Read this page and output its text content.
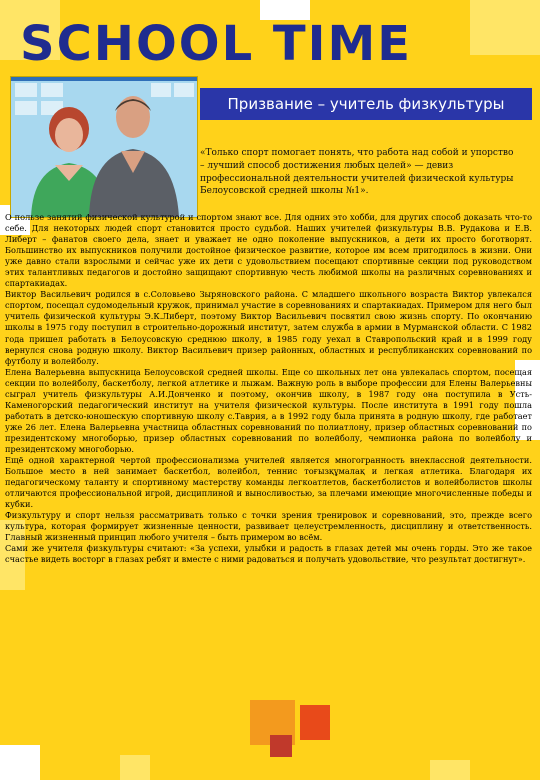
SCHOOL TIME
Призвание – учитель физкультуры

«Только спорт помогает понять, что работа над собой и упорство – лучший способ достижения любых целей» — девиз профессиональной деятельности учителей физической культуры Белоусовской средней школы №1».

О пользе занятий физической культурой и спортом знают все. Для одних это хобби, для других способ доказать что-то себе. Для некоторых людей спорт становится просто судьбой. Наших учителей физкультуры В.В. Рудакова и Е.В. Либерт – фанатов своего дела, знает и уважает не одно поколение выпускников, а дети их просто боготворят. Большинство их выпускников получили достойное физическое развитие, которое им всем пригодилось в жизни. Они уже давно стали взрослыми и сейчас уже их дети с удовольствием посещают спортивные секции под руководством этих талантливых педагогов и достойно защищают спортивную честь любимой школы на различных соревнованиях и спартакиадах.

Виктор Васильевич родился в с.Соловьево Зыряновского района. С младшего школьного возраста Виктор увлекался спортом, посещал судомодельный кружок, принимал участие в соревнованиях и спартакиадах. Примером для него был учитель физической культуры Э.К.Либерт, поэтому Виктор Васильевич посвятил свою жизнь спорту. По окончанию школы в 1975 году поступил в строительно-дорожный институт, затем служба в армии в Мурманской области. С 1982 года пришел работать в Белоусовскую среднюю школу, в 1985 году уехал в Ставропольский край и в 1999 году вернулся снова родную школу. Виктор Васильевич призер районных, областных и республиканских соревнований по футболу и волейболу.

Елена Валерьевна выпускница Белоусовской средней школы. Еще со школьных лет она увлекалась спортом, посещая секции по волейболу, баскетболу, легкой атлетике и лыжам. Важную роль в выборе профессии для Елены Валерьевны сыграл учитель физкультуры А.И.Донченко и поэтому, окончив школу, в 1987 году она поступила в Усть-Каменогорский педагогический институт на учителя физической культуры. После института в 1991 году пошла работать в детско-юношескую спортивную школу с.Таврия, а в 1992 году была принята в родную школу, где работает уже 26 лет. Елена Валерьевна участница областных соревнований по полиатлону, призер областных соревнований по президентскому многоборью, призер областных соревнований по волейболу, чемпионка района по волейболу и президентскому многоборью.

Ещё одной характерной чертой профессионализма учителей является многогранность внеклассной деятельности. Большое место в ней занимает баскетбол, волейбол, теннис тоғызқұмалақ и легкая атлетика. Благодаря их педагогическому таланту и спортивному мастерству команды легкоатлетов, баскетболистов и волейболистов школы отличаются профессиональной игрой, дисциплиной и выносливостью, за плечами имеющие многочисленные победы и кубки.

Физкультуру и спорт нельзя рассматривать только с точки зрения тренировок и соревнований, это, прежде всего культура, которая формирует жизненные ценности, развивает целеустремленность, дисциплину и ответственность. Главный жизненный принцип любого учителя – быть примером во всём.

Сами же учителя физкультуры считают: «За успехи, улыбки и радость в глазах детей мы очень горды. Это же такое счастье видеть восторг в глазах ребят и вместе с ними радоваться и получать удовольствие, что результат достигнут».
